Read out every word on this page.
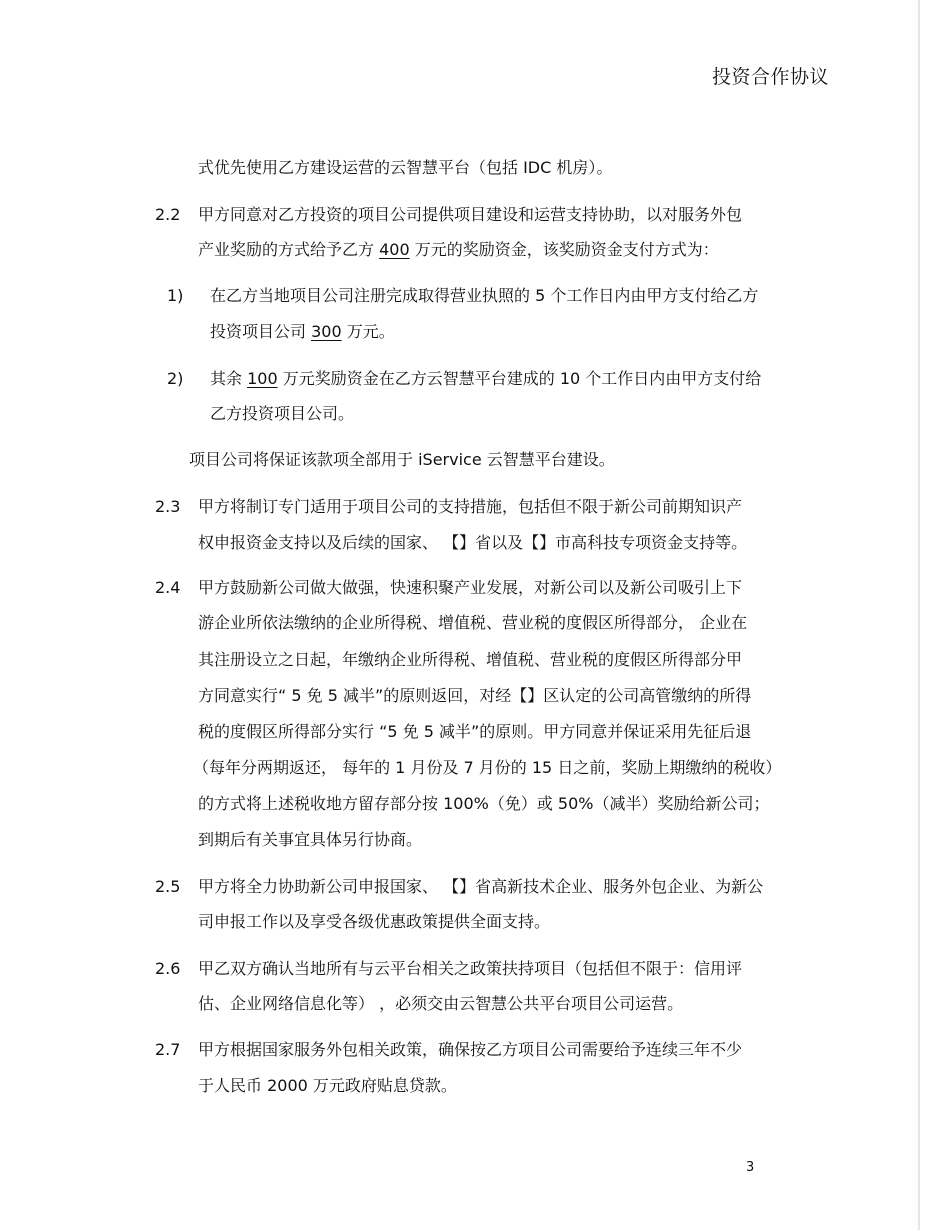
投资合作协议
式优先使用乙方建设运营的云智慧平台（包括 IDC 机房）。
2.2 甲方同意对乙方投资的项目公司提供项目建设和运营支持协助，以对服务外包
产业奖励的方式给予乙方 400 万元的奖励资金，该奖励资金支付方式为：
1) 在乙方当地项目公司注册完成取得营业执照的 5 个工作日内由甲方支付给乙方
投资项目公司 300 万元。
2) 其余 100 万元奖励资金在乙方云智慧平台建成的 10 个工作日内由甲方支付给
乙方投资项目公司。
项目公司将保证该款项全部用于 iService 云智慧平台建设。
2.3 甲方将制订专门适用于项目公司的支持措施，包括但不限于新公司前期知识产
权申报资金支持以及后续的国家、 【】省以及【】市高科技专项资金支持等。
2.4 甲方鼓励新公司做大做强，快速积聚产业发展，对新公司以及新公司吸引上下
游企业所依法缴纳的企业所得税、增值税、营业税的度假区所得部分， 企业在
其注册设立之日起，年缴纳企业所得税、增值税、营业税的度假区所得部分甲
方同意实行“ 5 免 5 减半”的原则返回，对经【】区认定的公司高管缴纳的所得
税的度假区所得部分实行 “5 免 5 减半”的原则。甲方同意并保证采用先征后退
（每年分两期返还， 每年的 1 月份及 7 月份的 15 日之前，奖励上期缴纳的税收）
的方式将上述税收地方留存部分按 100%（免）或 50%（减半）奖励给新公司；
到期后有关事宜具体另行协商。
2.5 甲方将全力协助新公司申报国家、 【】省高新技术企业、服务外包企业、为新公
司申报工作以及享受各级优惠政策提供全面支持。
2.6 甲乙双方确认当地所有与云平台相关之政策扶持项目（包括但不限于：信用评
估、企业网络信息化等） ，必须交由云智慧公共平台项目公司运营。
2.7 甲方根据国家服务外包相关政策，确保按乙方项目公司需要给予连续三年不少
于人民币 2000 万元政府贴息贷款。
3
